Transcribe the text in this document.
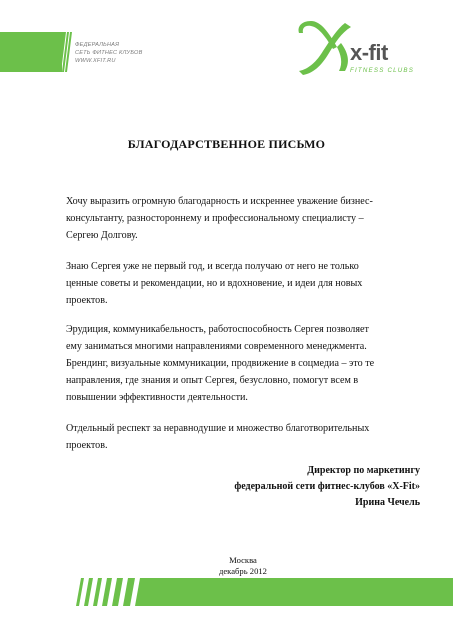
ФЕДЕРАЛЬНАЯ
СЕТЬ ФИТНЕС КЛУБОВ
WWW.XFIT.RU	x-fit
FITNESS CLUBS
БЛАГОДАРСТВЕННОЕ ПИСЬМО
Хочу выразить огромную благодарность и искреннее уважение бизнес-
консультанту, разностороннему и профессиональному специалисту –
Сергею Долгову.
Знаю Сергея уже не первый год, и всегда получаю от него не только
ценные советы и рекомендации, но и вдохновение, и идеи для новых
проектов.
Эрудиция, коммуникабельность, работоспособность Сергея позволяет
ему заниматься многими направлениями современного менеджмента.
Брендинг, визуальные коммуникации, продвижение в соцмедиа – это те
направления, где знания и опыт Сергея, безусловно, помогут всем в
повышении эффективности деятельности.
Отдельный респект за неравнодушие и множество благотворительных
проектов.
Директор по маркетингу
федеральной сети фитнес-клубов «X-Fit»
Ирина Чечель
Москва
декабрь 2012
